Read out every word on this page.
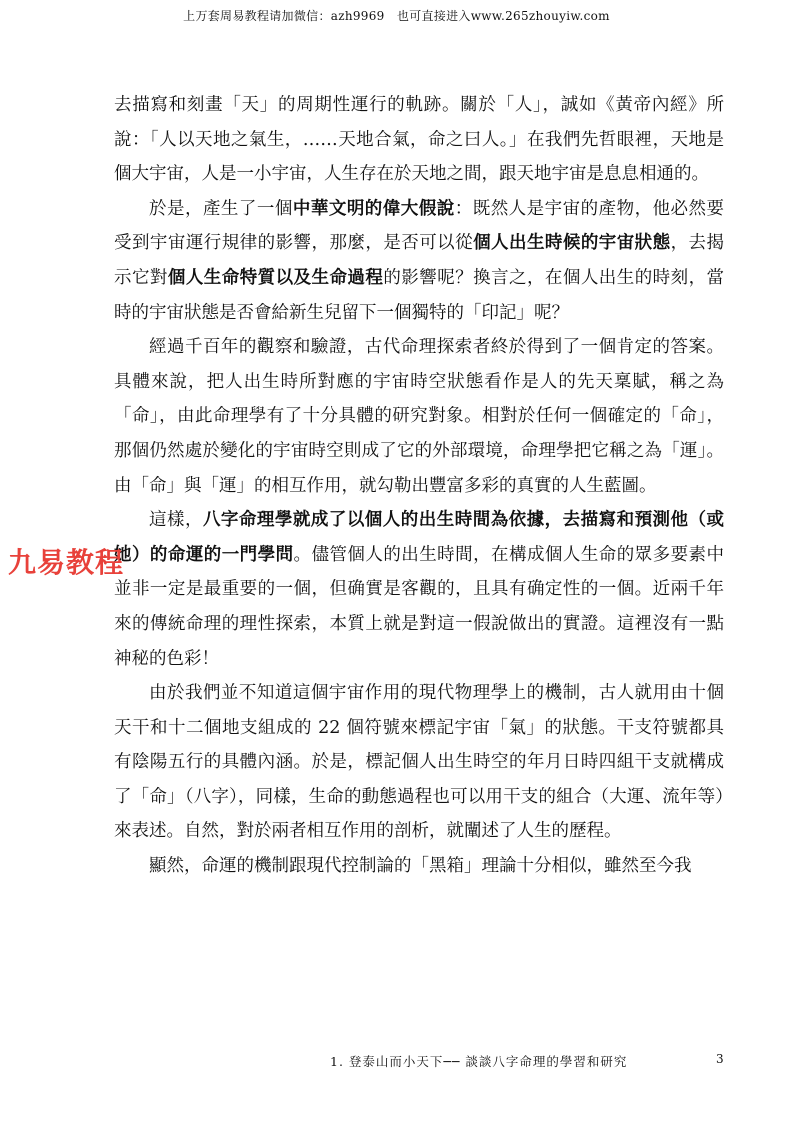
上万套周易教程请加微信：azh9969　也可直接进入www.265zhouyiw.com

去描寫和刻畫「天」的周期性運行的軌跡。關於「人」，誠如《黃帝內經》所說：「人以天地之氣生，……天地合氣，命之曰人。」在我們先哲眼裡，天地是個大宇宙，人是一小宇宙，人生存在於天地之間，跟天地宇宙是息息相通的。

於是，產生了一個中華文明的偉大假說：既然人是宇宙的產物，他必然要受到宇宙運行規律的影響，那麼，是否可以從個人出生時候的宇宙狀態，去揭示它對個人生命特質以及生命過程的影響呢？換言之，在個人出生的時刻，當時的宇宙狀態是否會給新生兒留下一個獨特的「印記」呢？

經過千百年的觀察和驗證，古代命理探索者終於得到了一個肯定的答案。具體來說，把人出生時所對應的宇宙時空狀態看作是人的先天稟賦，稱之為「命」，由此命理學有了十分具體的研究對象。相對於任何一個確定的「命」，那個仍然處於變化的宇宙時空則成了它的外部環境，命理學把它稱之為「運」。由「命」與「運」的相互作用，就勾勒出豐富多彩的真實的人生藍圖。

這樣，八字命理學就成了以個人的出生時間為依據，去描寫和預測他（或她）的命運的一門學問。儘管個人的出生時間，在構成個人生命的眾多要素中並非一定是最重要的一個，但确實是客觀的，且具有确定性的一個。近兩千年來的傳統命理的理性探索，本質上就是對這一假說做出的實證。這裡沒有一點神秘的色彩！

由於我們並不知道這個宇宙作用的現代物理學上的機制，古人就用由十個天干和十二個地支組成的 22 個符號來標記宇宙「氣」的狀態。干支符號都具有陰陽五行的具體內涵。於是，標記個人出生時空的年月日時四組干支就構成了「命」（八字），同樣，生命的動態過程也可以用干支的組合（大運、流年等）來表述。自然，對於兩者相互作用的剖析，就闡述了人生的歷程。

顯然，命運的機制跟現代控制論的「黑箱」理論十分相似，雖然至今我

九易教程
1. 登泰山而小天下── 談談八字命理的學習和研究	3
